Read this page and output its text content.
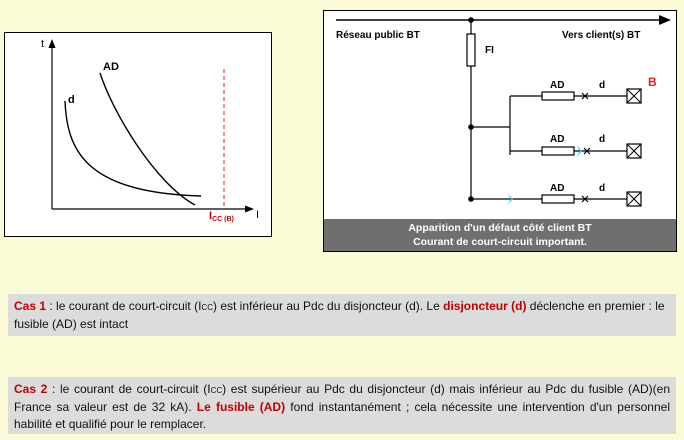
t
I
AD
d
ICC (B)
Réseau public BT	Vers client(s) BT
FI
AD	d	B
AD	d
AD	d
Apparition d'un défaut côté client BT
Courant de court-circuit important.
Cas 1 : le courant de court-circuit (ICC) est inférieur au Pdc du disjoncteur (d). Le disjoncteur (d) déclenche en premier : le fusible (AD) est intact
Cas 2 : le courant de court-circuit (ICC) est supérieur au Pdc du disjoncteur (d) mais inférieur au Pdc du fusible (AD)(en France sa valeur est de 32 kA). Le fusible (AD) fond instantanément ; cela nécessite une intervention d'un personnel habilité et qualifié pour le remplacer.
